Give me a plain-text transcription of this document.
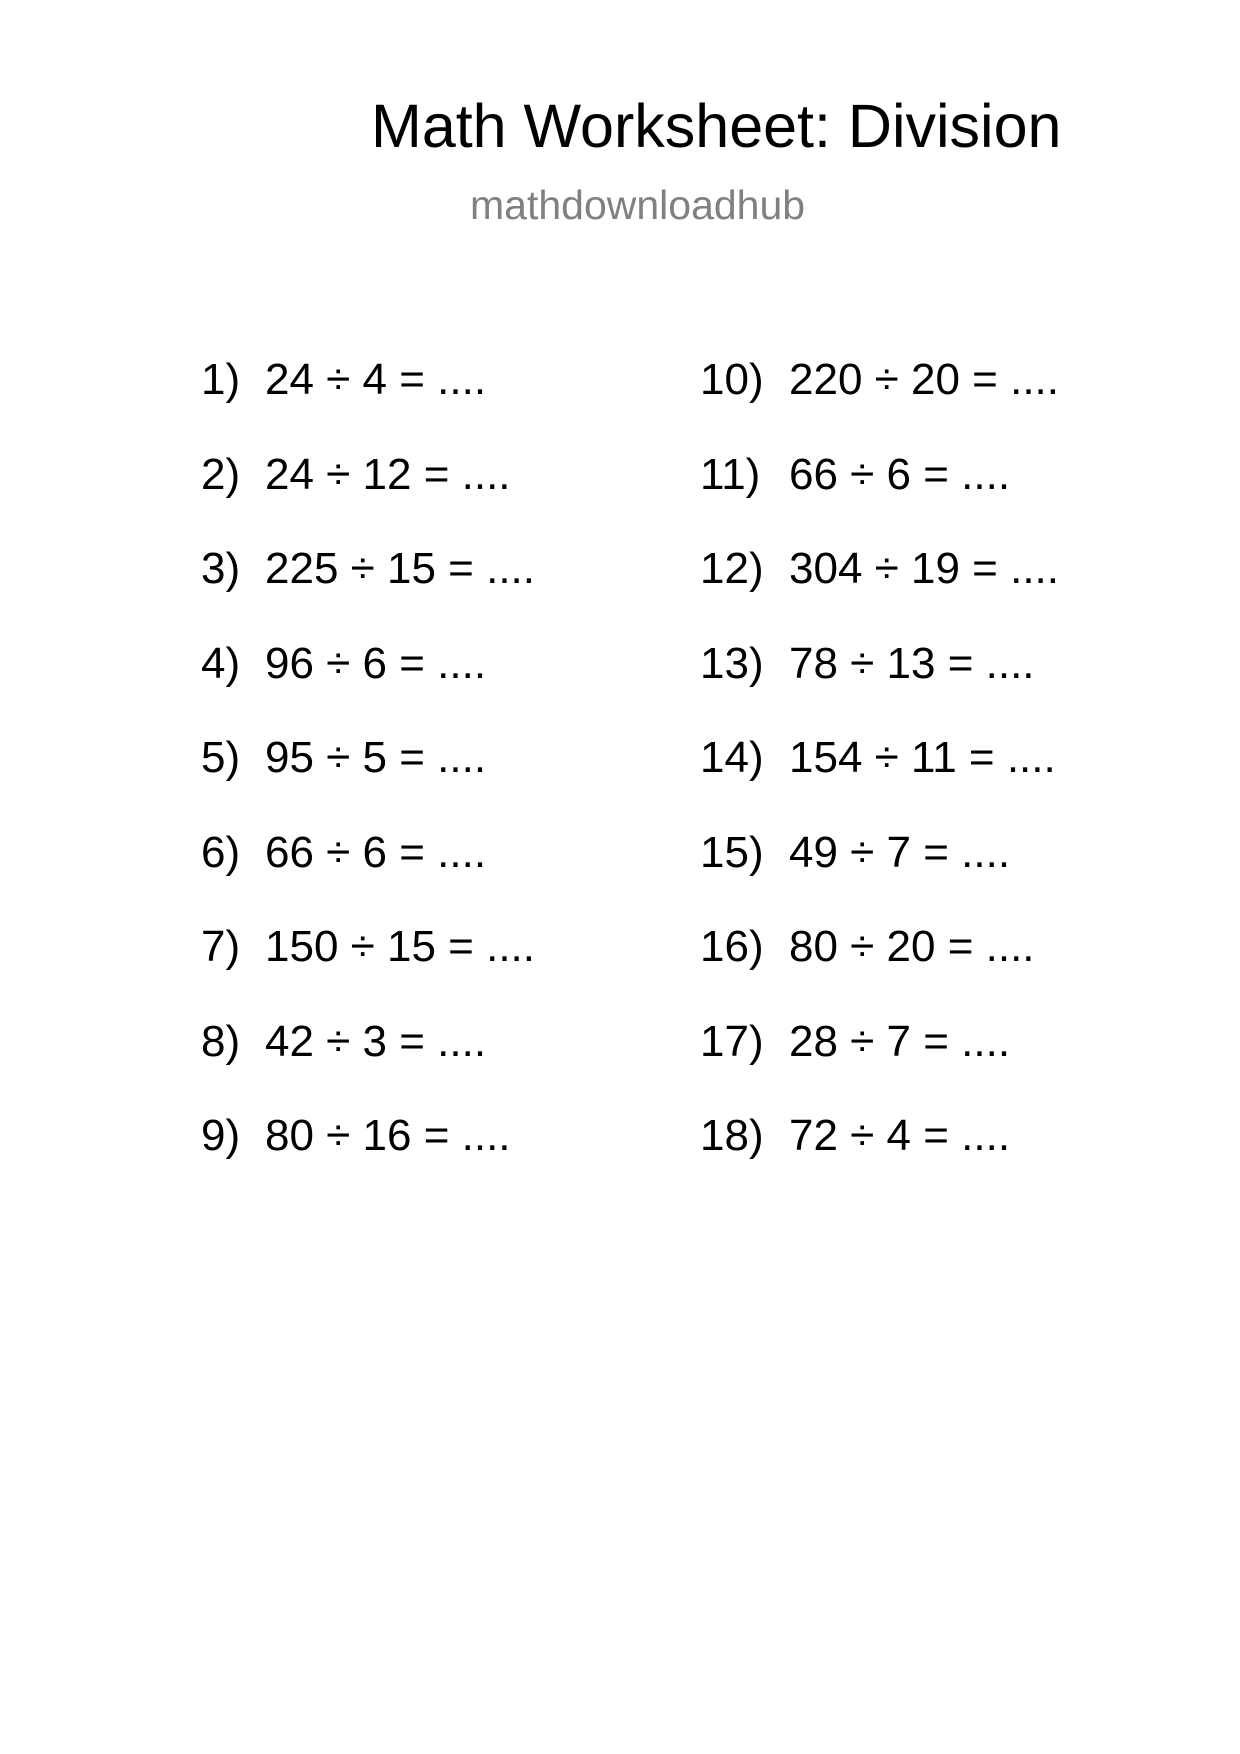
Math Worksheet: Division
mathdownloadhub
1) 24 ÷ 4 = ....
2) 24 ÷ 12 = ....
3) 225 ÷ 15 = ....
4) 96 ÷ 6 = ....
5) 95 ÷ 5 = ....
6) 66 ÷ 6 = ....
7) 150 ÷ 15 = ....
8) 42 ÷ 3 = ....
9) 80 ÷ 16 = ....
10) 220 ÷ 20 = ....
11) 66 ÷ 6 = ....
12) 304 ÷ 19 = ....
13) 78 ÷ 13 = ....
14) 154 ÷ 11 = ....
15) 49 ÷ 7 = ....
16) 80 ÷ 20 = ....
17) 28 ÷ 7 = ....
18) 72 ÷ 4 = ....
